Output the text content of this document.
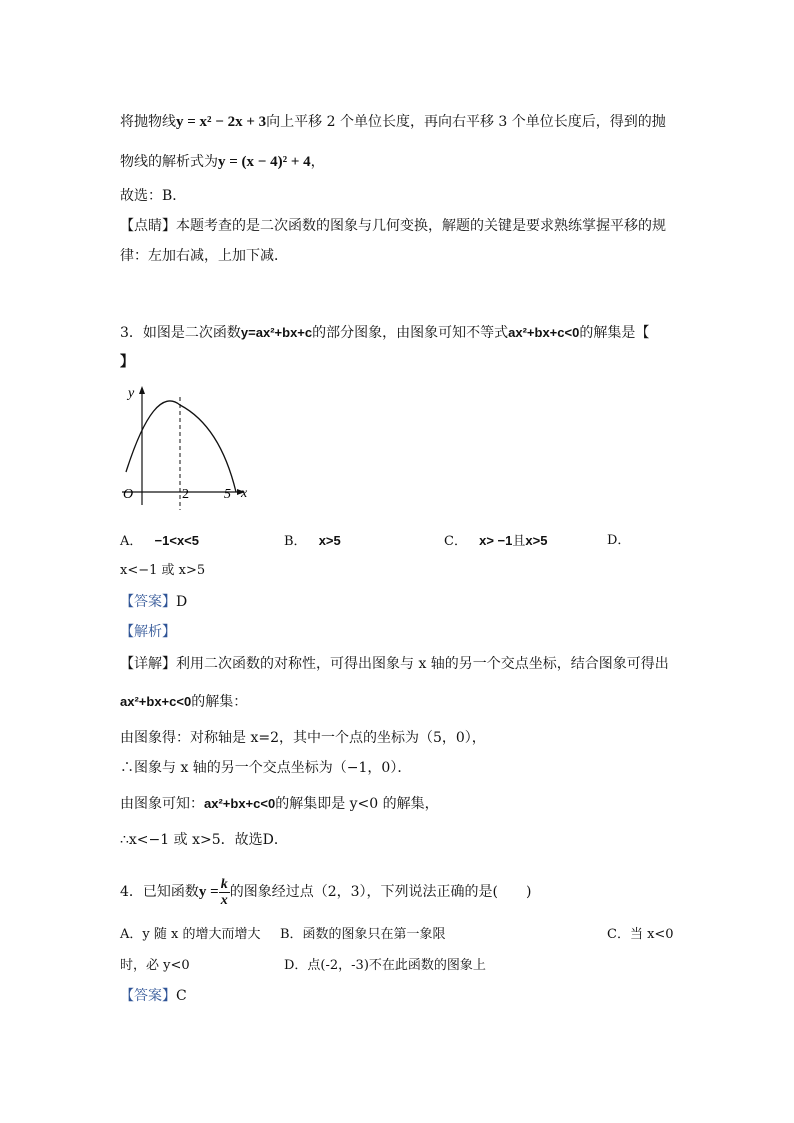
将抛物线y = x² − 2x + 3向上平移 2 个单位长度，再向右平移 3 个单位长度后，得到的抛
物线的解析式为y = (x − 4)² + 4，
故选：B．
【点睛】本题考查的是二次函数的图象与几何变换，解题的关键是要求熟练掌握平移的规
律：左加右减，上加下减．
3．如图是二次函数y=ax²+bx+c的部分图象，由图象可知不等式ax²+bx+c<0的解集是【
】
y
x
O	2	5
A． −1<x<5	B． x>5	C． x> −1且x>5	D．
x<−1 或 x>5
【答案】D
【解析】
【详解】利用二次函数的对称性，可得出图象与 x 轴的另一个交点坐标，结合图象可得出
ax²+bx+c<0的解集：
由图象得：对称轴是 x=2，其中一个点的坐标为（5，0），
∴图象与 x 轴的另一个交点坐标为（−1，0）．
由图象可知：ax²+bx+c<0的解集即是 y<0 的解集，
∴x<−1 或 x>5．故选D．
4．已知函数$y = \frac{k}{x}$ 的图象经过点（2，3），下列说法正确的是(　　)
A．y 随 x 的增大而增大 B．函数的图象只在第一象限	C．当 x<0
时，必 y<0	D．点(-2，-3)不在此函数的图象上
【答案】C
